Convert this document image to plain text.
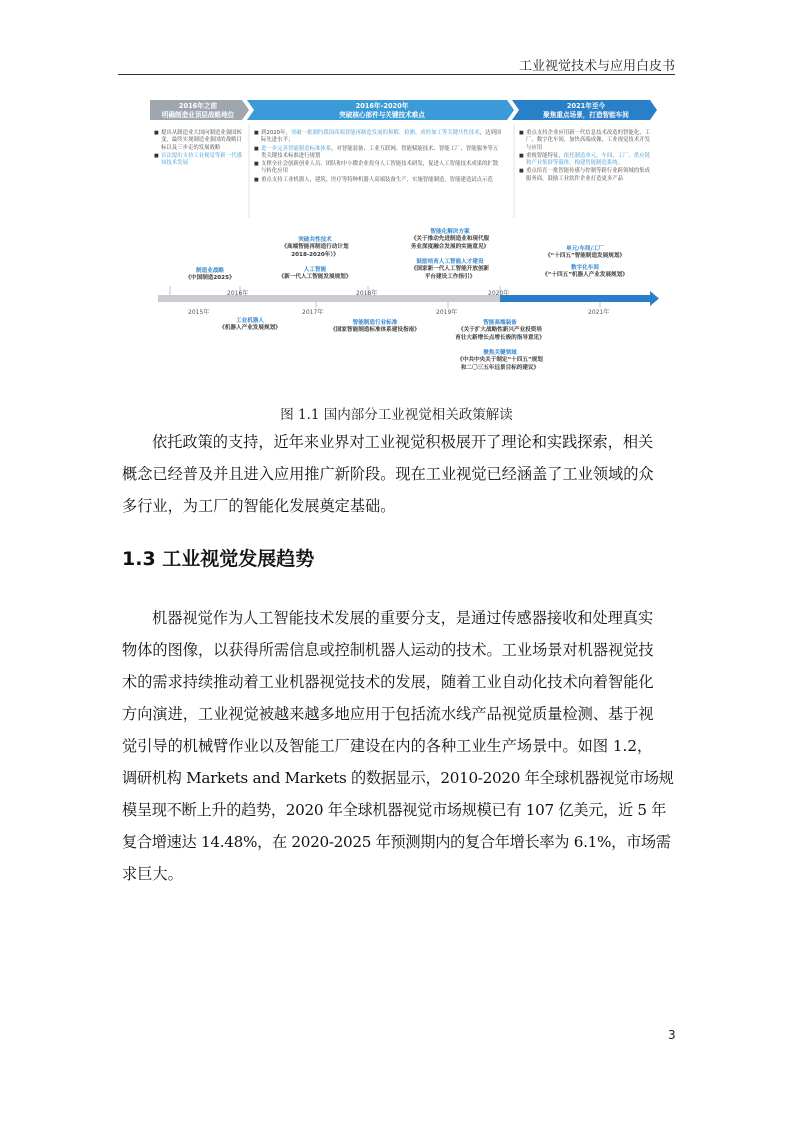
工业视觉技术与应用白皮书
2016年之前
明确制造业顶层战略地位
2016年-2020年
突破核心部件与关键技术难点
2021年至今
聚焦重点场景，打造智能车间
■ 提出从制造业大国向制造业强国转变，最终实现制造业强国的战略目标以及三步走的发展战略
■ 首次提出支持工业视觉等新一代感知技术发展
■ 到2020年，突破一批制约我国高端智能再制造发展的拆解、检测、成形加工等关键共性技术，达到国际先进水平；
■ 进一步完善智能制造标准体系，对智能装备、工业互联网、智能赋能技术、智能工厂、智能服务等五类关键技术标准进行规划
■ 支撑全社会创新创业人员、团队和中小微企业投身人工智能技术研发，促进人工智能技术成果的扩散与转化应用
■ 重点支持工业机器人、建筑、医疗等特种机器人高端装备生产，实施智能制造，智能建造试点示范
■ 重点支持企业应用新一代信息技术改造的智能化、工厂、数字化车间，加快高端成像、工业视觉技术开发与应用
■ 重视智能特征，依托制造单元、车间、工厂、供应链和产业集群等载体，构建智能制造系统。
■ 重点培育一批智能传感与控制等跨行业跨领域的集成服务商，鼓励工业软件企业打造更多产品
2015年
2016年
2017年
2018年
2019年
2020年
2021年
制造业战略
《中国制造2025》
突破共性技术
《高端智能再制造行动计划
2018-2020年）》
人工智能
《新一代人工智能发展规划》
智能化解决方案
《关于推动先进制造业和现代服
务业深度融合发展的实施意见》
鼓励培育人工智能人才建设
《国家新一代人工智能开放创新
平台建设工作指引》
单元/车间/工厂
《“十四五”智能制造发展规划》
数字化车间
《“十四五”机器人产业发展规划》
工业机器人
《机器人产业发展规划》
智能制造行业标准
《国家智能制造标准体系建设指南》
智能高端装备
《关于扩大战略性新兴产业投资培
育壮大新增长点增长极的指导意见》
聚焦关键领域
《中共中央关于制定“十四五”规划
和二〇三五年远景目标的建议》
图 1.1 国内部分工业视觉相关政策解读
依托政策的支持，近年来业界对工业视觉积极展开了理论和实践探索，相关
概念已经普及并且进入应用推广新阶段。现在工业视觉已经涵盖了工业领域的众
多行业，为工厂的智能化发展奠定基础。
1.3 工业视觉发展趋势
机器视觉作为人工智能技术发展的重要分支，是通过传感器接收和处理真实
物体的图像，以获得所需信息或控制机器人运动的技术。工业场景对机器视觉技
术的需求持续推动着工业机器视觉技术的发展，随着工业自动化技术向着智能化
方向演进，工业视觉被越来越多地应用于包括流水线产品视觉质量检测、基于视
觉引导的机械臂作业以及智能工厂建设在内的各种工业生产场景中。如图 1.2，
调研机构 Markets and Markets 的数据显示，2010-2020 年全球机器视觉市场规
模呈现不断上升的趋势，2020 年全球机器视觉市场规模已有 107 亿美元，近 5 年
复合增速达 14.48%，在 2020-2025 年预测期内的复合年增长率为 6.1%，市场需
求巨大。
3
